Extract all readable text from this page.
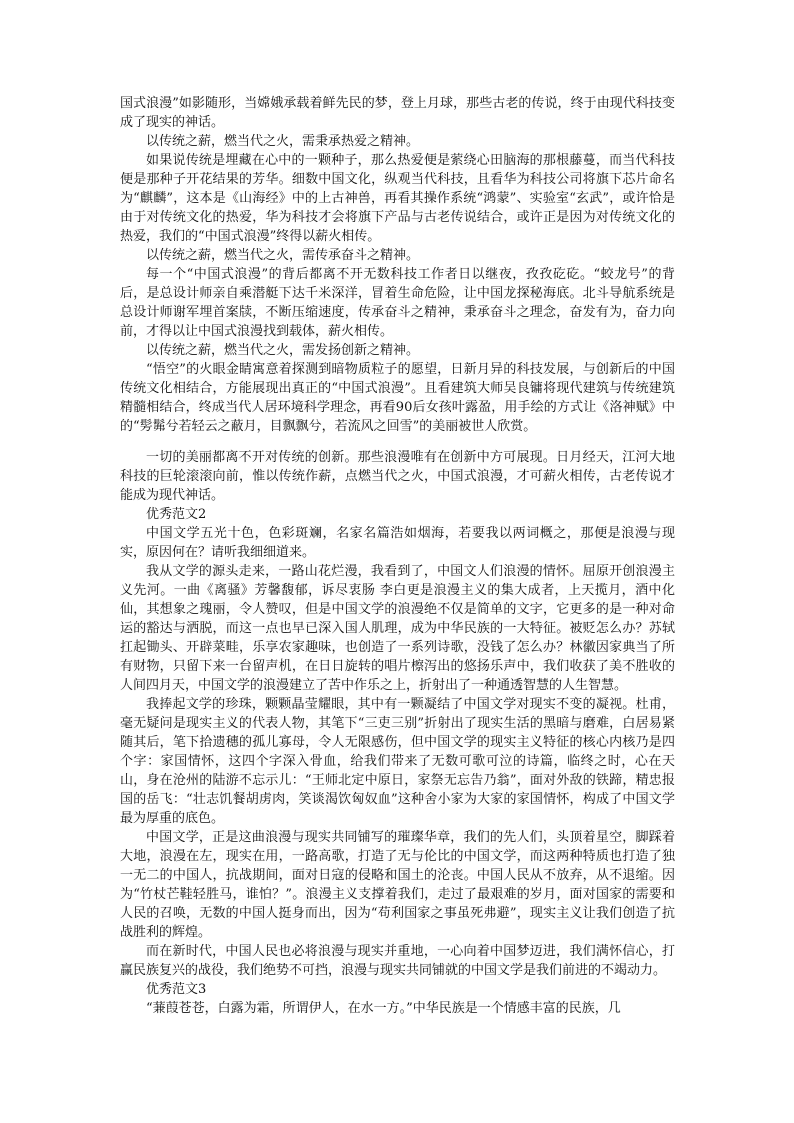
国式浪漫”如影随形，当嫦娥承载着鲜先民的梦，登上月球，那些古老的传说，终于由现代科技变成了现实的神话。

以传统之薪，燃当代之火，需秉承热爱之精神。

如果说传统是埋藏在心中的一颗种子，那么热爱便是萦绕心田脑海的那根藤蔓，而当代科技便是那种子开花结果的芳华。细数中国文化，纵观当代科技，且看华为科技公司将旗下芯片命名为“麒麟”，这本是《山海经》中的上古神兽，再看其操作系统“鸿蒙”、实验室“玄武”，或许恰是由于对传统文化的热爱，华为科技才会将旗下产品与古老传说结合，或许正是因为对传统文化的热爱，我们的“中国式浪漫”终得以薪火相传。

以传统之薪，燃当代之火，需传承奋斗之精神。

每一个“中国式浪漫”的背后都离不开无数科技工作者日以继夜，孜孜矻矻。“蛟龙号”的背后，是总设计师亲自乘潜艇下达千米深洋，冒着生命危险，让中国龙探秘海底。北斗导航系统是总设计师谢军埋首案牍，不断压缩速度，传承奋斗之精神，秉承奋斗之理念，奋发有为，奋力向前，才得以让中国式浪漫找到载体，薪火相传。

以传统之薪，燃当代之火，需发扬创新之精神。

“悟空”的火眼金睛寓意着探测到暗物质粒子的愿望，日新月异的科技发展，与创新后的中国传统文化相结合，方能展现出真正的“中国式浪漫”。且看建筑大师吴良镛将现代建筑与传统建筑精髓相结合，终成当代人居环境科学理念，再看90后女孩叶露盈，用手绘的方式让《洛神赋》中的“髣髴兮若轻云之蔽月，目飘飘兮，若流风之回雪”的美丽被世人欣赏。

一切的美丽都离不开对传统的创新。那些浪漫唯有在创新中方可展现。日月经天，江河大地科技的巨轮滚滚向前，惟以传统作薪，点燃当代之火，中国式浪漫，才可薪火相传，古老传说才能成为现代神话。

优秀范文2

中国文学五光十色，色彩斑斓，名家名篇浩如烟海，若要我以两词概之，那便是浪漫与现实，原因何在？请听我细细道来。

我从文学的源头走来，一路山花烂漫，我看到了，中国文人们浪漫的情怀。屈原开创浪漫主义先河。一曲《离骚》芳馨馥郁，诉尽衷肠 李白更是浪漫主义的集大成者，上天揽月，酒中化仙，其想象之瑰丽，令人赞叹，但是中国文学的浪漫绝不仅是简单的文字，它更多的是一种对命运的豁达与洒脱，而这一点也早已深入国人肌理，成为中华民族的一大特征。被贬怎么办？苏轼扛起锄头、开辟菜畦，乐享农家趣味，也创造了一系列诗歌，没钱了怎么办？林徽因家典当了所有财物，只留下来一台留声机，在日日旋转的唱片檫泻出的悠扬乐声中，我们收获了美不胜收的人间四月天，中国文学的浪漫建立了苦中作乐之上，折射出了一种通透智慧的人生智慧。

我捧起文学的珍珠，颗颗晶莹耀眼，其中有一颗凝结了中国文学对现实不变的凝视。杜甫，毫无疑问是现实主义的代表人物，其笔下“三吏三别”折射出了现实生活的黑暗与磨难，白居易紧随其后，笔下拾遗穗的孤儿寡母，令人无限感伤，但中国文学的现实主义特征的核心内核乃是四个字：家国情怀，这四个字深入骨血，给我们带来了无数可歌可泣的诗篇，临终之时，心在天山，身在沧州的陆游不忘示儿：“王师北定中原日，家祭无忘告乃翁”，面对外敌的铁蹄，精忠报国的岳飞：“壮志饥餐胡虏肉，笑谈渴饮匈奴血”这种舍小家为大家的家国情怀，构成了中国文学最为厚重的底色。

中国文学，正是这曲浪漫与现实共同铺写的璀璨华章，我们的先人们，头顶着星空，脚踩着大地，浪漫在左，现实在用，一路高歌，打造了无与伦比的中国文学，而这两种特质也打造了独一无二的中国人，抗战期间，面对日寇的侵略和国土的沦丧。中国人民从不放弃，从不退缩。因为“竹杖芒鞋轻胜马，谁怕？”。浪漫主义支撑着我们，走过了最艰难的岁月，面对国家的需要和人民的召唤，无数的中国人挺身而出，因为“苟利国家之事虽死弗避”，现实主义让我们创造了抗战胜利的辉煌。

而在新时代，中国人民也必将浪漫与现实并重地，一心向着中国梦迈进，我们满怀信心，打赢民族复兴的战役，我们绝势不可挡，浪漫与现实共同铺就的中国文学是我们前进的不竭动力。

优秀范文3

“蒹葭苍苍，白露为霜，所谓伊人，在水一方。”中华民族是一个情感丰富的民族，几
